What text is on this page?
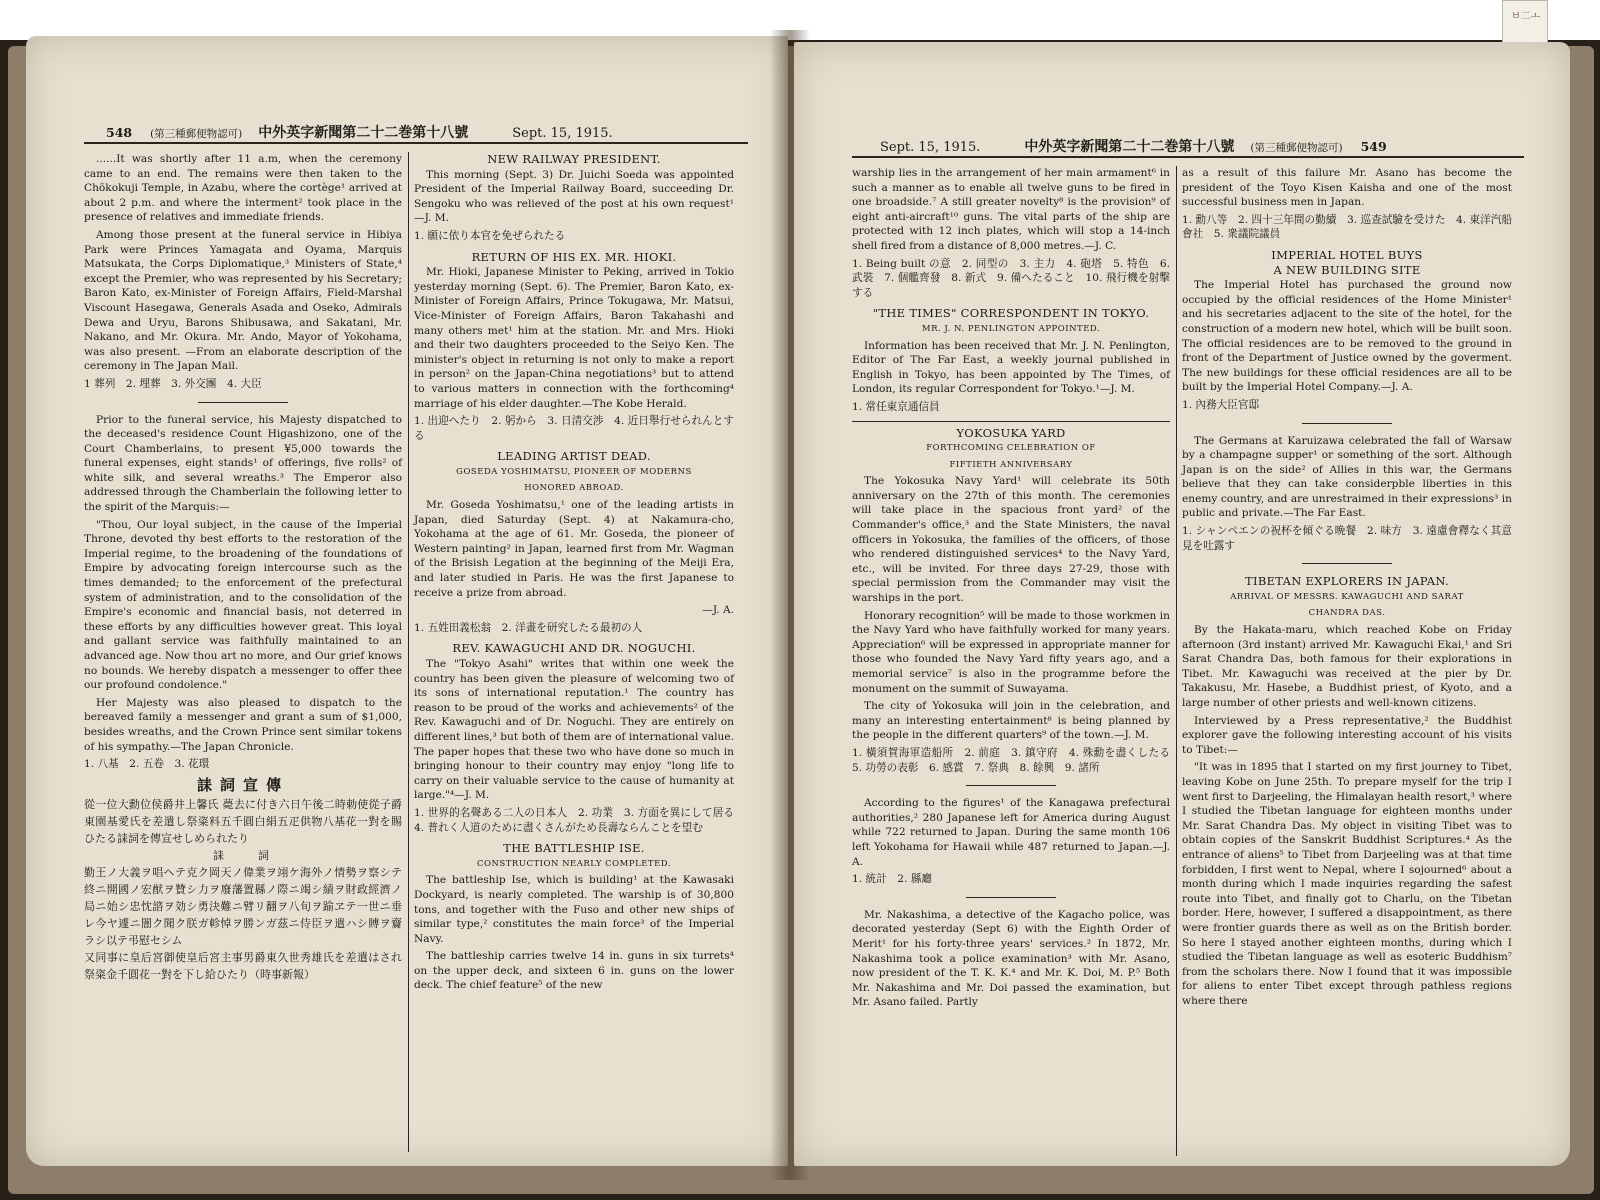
ㅂ二ㅗ
548 (第三種郵便物認可) 中外英字新聞第二十二巻第十八號	Sept. 15, 1915.

......It was shortly after 11 a.m, when the ceremony came to an end. The remains were then taken to the Chōkokuji Temple, in Azabu, where the cortège¹ arrived at about 2 p.m. and where the interment² took place in the presence of relatives and immediate friends.

Among those present at the funeral service in Hibiya Park were Princes Yamagata and Oyama, Marquis Matsukata, the Corps Diplomatique,³ Ministers of State,⁴ except the Premier, who was represented by his Secretary; Baron Kato, ex-Minister of Foreign Affairs, Field-Marshal Viscount Hasegawa, Generals Asada and Oseko, Admirals Dewa and Uryu, Barons Shibusawa, and Sakatani, Mr. Nakano, and Mr. Okura. Mr. Ando, Mayor of Yokohama, was also present. —From an elaborate description of the ceremony in The Japan Mail.

1 葬列　2. 埋葬　3. 外交團　4. 大臣

Prior to the funeral service, his Majesty dispatched to the deceased's residence Count Higashizono, one of the Court Chamberlains, to present ¥5,000 towards the funeral expenses, eight stands¹ of offerings, five rolls² of white silk, and several wreaths.³ The Emperor also addressed through the Chamberlain the following letter to the spirit of the Marquis:—

"Thou, Our loyal subject, in the cause of the Imperial Throne, devoted thy best efforts to the restoration of the Imperial regime, to the broadening of the foundations of Empire by advocating foreign intercourse such as the times demanded; to the enforcement of the prefectural system of administration, and to the consolidation of the Empire's economic and financial basis, not deterred in these efforts by any difficulties however great. This loyal and gallant service was faithfully maintained to an advanced age. Now thou art no more, and Our grief knows no bounds. We hereby dispatch a messenger to offer thee our profound condolence."

Her Majesty was also pleased to dispatch to the bereaved family a messenger and grant a sum of $1,000, besides wreaths, and the Crown Prince sent similar tokens of his sympathy.—The Japan Chronicle.

1. 八基　2. 五卷　3. 花環

誄詞宣傳

從一位大勳位侯爵井上馨氏 薨去に付き六日午後二時勅使從子爵東園基愛氏を差遣し祭粢料五千圓白絹五疋供物八基花一對を賜ひたる誄詞を傳宣せしめられたり

誄　　詞

勤王ノ大義ヲ唱ヘテ克ク岡天ノ偉業ヲ翊ケ海外ノ情勢ヲ察シテ終ニ開國ノ宏猷ヲ贊シ力ヲ廢藩置縣ノ際ニ竭シ績ヲ財政經濟ノ局ニ始シ忠忱諮ヲ効シ勇決難ニ臂リ翻ヲ八旬ヲ踰ヱテ一世ニ垂レ今ヤ遽ニ闇ク聞ク朕ガ軫悼ヲ勝ンガ茲ニ侍臣ヲ遣ハシ賻ヲ齎ラシ以テ弔慰セシム

又同事に皇后宮御使皇后宮主事男爵東久世秀雄氏を差遣はされ祭粢金千圓花一對を下し給ひたり（時事新報）

NEW RAILWAY PRESIDENT.

This morning (Sept. 3) Dr. Juichi Soeda was appointed President of the Imperial Railway Board, succeeding Dr. Sengoku who was relieved of the post at his own request¹—J. M.

1. 願に依り本官を免ぜられたる

RETURN OF HIS EX. MR. HIOKI.

Mr. Hioki, Japanese Minister to Peking, arrived in Tokio yesterday morning (Sept. 6). The Premier, Baron Kato, ex-Minister of Foreign Affairs, Prince Tokugawa, Mr. Matsui, Vice-Minister of Foreign Affairs, Baron Takahashi and many others met¹ him at the station. Mr. and Mrs. Hioki and their two daughters proceeded to the Seiyo Ken. The minister's object in returning is not only to make a report in person² on the Japan-China negotiations³ but to attend to various matters in connection with the forthcoming⁴ marriage of his elder daughter.—The Kobe Herald.

1. 出迎へたり　2. 躬から　3. 日清交渉　4. 近日舉行せられんとする

LEADING ARTIST DEAD.

GOSEDA YOSHIMATSU, PIONEER OF MODERNS

HONORED ABROAD.

Mr. Goseda Yoshimatsu,¹ one of the leading artists in Japan, died Saturday (Sept. 4) at Nakamura-cho, Yokohama at the age of 61. Mr. Goseda, the pioneer of Western painting² in Japan, learned first from Mr. Wagman of the Brisish Legation at the beginning of the Meiji Era, and later studied in Paris. He was the first Japanese to receive a prize from abroad.

—J. A.

1. 五姓田義松翁　2. 洋畫を研究したる最初の人

REV. KAWAGUCHI AND DR. NOGUCHI.

The "Tokyo Asahi" writes that within one week the country has been given the pleasure of welcoming two of its sons of international reputation.¹ The country has reason to be proud of the works and achievements² of the Rev. Kawaguchi and of Dr. Noguchi. They are entirely on different lines,³ but both of them are of international value. The paper hopes that these two who have done so much in bringing honour to their country may enjoy "long life to carry on their valuable service to the cause of humanity at large."⁴—J. M.

1. 世界的名聲ある二人の日本人　2. 功業　3. 方面を異にして居る　4. 普れく人道のために盡くさんがため長壽ならんことを望む

THE BATTLESHIP ISE.

CONSTRUCTION NEARLY COMPLETED.

The battleship Ise, which is building¹ at the Kawasaki Dockyard, is nearly completed. The warship is of 30,800 tons, and together with the Fuso and other new ships of similar type,² constitutes the main force³ of the Imperial Navy.

The battleship carries twelve 14 in. guns in six turrets⁴ on the upper deck, and sixteen 6 in. guns on the lower deck. The chief feature⁵ of the new

Sept. 15, 1915.	中外英字新聞第二十二巻第十八號 (第三種郵便物認可) 549

warship lies in the arrangement of her main armament⁶ in such a manner as to enable all twelve guns to be fired in one broadside.⁷ A still greater novelty⁸ is the provision⁹ of eight anti-aircraft¹⁰ guns. The vital parts of the ship are protected with 12 inch plates, which will stop a 14-inch shell fired from a distance of 8,000 metres.—J. C.

1. Being built の意　2. 同型の　3. 主力　4. 砲塔　5. 特色　6. 武裝　7. 個艦齊發　8. 新式　9. 備へたること　10. 飛行機を射擊する

"THE TIMES" CORRESPONDENT IN TOKYO.

MR. J. N. PENLINGTON APPOINTED.

Information has been received that Mr. J. N. Penlington, Editor of The Far East, a weekly journal published in English in Tokyo, has been appointed by The Times, of London, its regular Correspondent for Tokyo.¹—J. M.

1. 常任東京通信員

YOKOSUKA YARD

FORTHCOMING CELEBRATION OF

FIFTIETH ANNIVERSARY

The Yokosuka Navy Yard¹ will celebrate its 50th anniversary on the 27th of this month. The ceremonies will take place in the spacious front yard² of the Commander's office,³ and the State Ministers, the naval officers in Yokosuka, the families of the officers, of those who rendered distinguished services⁴ to the Navy Yard, etc., will be invited. For three days 27-29, those with special permission from the Commander may visit the warships in the port.

Honorary recognition⁵ will be made to those workmen in the Navy Yard who have faithfully worked for many years. Appreciation⁶ will be expressed in appropriate manner for those who founded the Navy Yard fifty years ago, and a memorial service⁷ is also in the programme before the monument on the summit of Suwayama.

The city of Yokosuka will join in the celebration, and many an interesting entertainment⁸ is being planned by the people in the different quarters⁹ of the town.—J. M.

1. 橫須賀海軍造船所　2. 前庭　3. 鎮守府　4. 殊勳を盡くしたる　5. 功勞の表彰　6. 感賞　7. 祭典　8. 餘興　9. 諸所

According to the figures¹ of the Kanagawa prefectural authorities,² 280 Japanese left for America during August while 722 returned to Japan. During the same month 106 left Yokohama for Hawaii while 487 returned to Japan.—J. A.

1. 統計　2. 縣廳

Mr. Nakashima, a detective of the Kagacho police, was decorated yesterday (Sept 6) with the Eighth Order of Merit¹ for his forty-three years' services.² In 1872, Mr. Nakashima took a police examination³ with Mr. Asano, now president of the T. K. K.⁴ and Mr. K. Doi, M. P.⁵ Both Mr. Nakashima and Mr. Doi passed the examination, but Mr. Asano failed. Partly

as a result of this failure Mr. Asano has become the president of the Toyo Kisen Kaisha and one of the most successful business men in Japan.

1. 勳八等　2. 四十三年間の勤續　3. 巡查試驗を受けた　4. 東洋汽船會社　5. 衆議院議員

IMPERIAL HOTEL BUYS

A NEW BUILDING SITE

The Imperial Hotel has purchased the ground now occupied by the official residences of the Home Minister¹ and his secretaries adjacent to the site of the hotel, for the construction of a modern new hotel, which will be built soon. The official residences are to be removed to the ground in front of the Department of Justice owned by the goverment. The new buildings for these official residences are all to be built by the Imperial Hotel Company.—J. A.

1. 內務大臣官邸

The Germans at Karuizawa celebrated the fall of Warsaw by a champagne supper¹ or something of the sort. Although Japan is on the side² of Allies in this war, the Germans believe that they can take considerpble liberties in this enemy country, and are unrestraimed in their expressions³ in public and private.—The Far East.

1. シャンペエンの祝杯を傾ぐる晩餐　2. 味方　3. 遠慮會釋なく其意見を吐露す

TIBETAN EXPLORERS IN JAPAN.

ARRIVAL OF MESSRS. KAWAGUCHI AND SARAT

CHANDRA DAS.

By the Hakata-maru, which reached Kobe on Friday afternoon (3rd instant) arrived Mr. Kawaguchi Ekai,¹ and Sri Sarat Chandra Das, both famous for their explorations in Tibet. Mr. Kawaguchi was received at the pier by Dr. Takakusu, Mr. Hasebe, a Buddhist priest, of Kyoto, and a large number of other priests and well-known citizens.

Interviewed by a Press representative,² the Buddhist explorer gave the following interesting account of his visits to Tibet:—

"It was in 1895 that I started on my first journey to Tibet, leaving Kobe on June 25th. To prepare myself for the trip I went first to Darjeeling, the Himalayan health resort,³ where I studied the Tibetan language for eighteen months under Mr. Sarat Chandra Das. My object in visiting Tibet was to obtain copies of the Sanskrit Buddhist Scriptures.⁴ As the entrance of aliens⁵ to Tibet from Darjeeling was at that time forbidden, I first went to Nepal, where I sojourned⁶ about a month during which I made inquiries regarding the safest route into Tibet, and finally got to Charlu, on the Tibetan border. Here, however, I suffered a disappointment, as there were frontier guards there as well as on the British border. So here I stayed another eighteen months, during which I studied the Tibetan language as well as esoteric Buddhism⁷ from the scholars there. Now I found that it was impossible for aliens to enter Tibet except through pathless regions where there
